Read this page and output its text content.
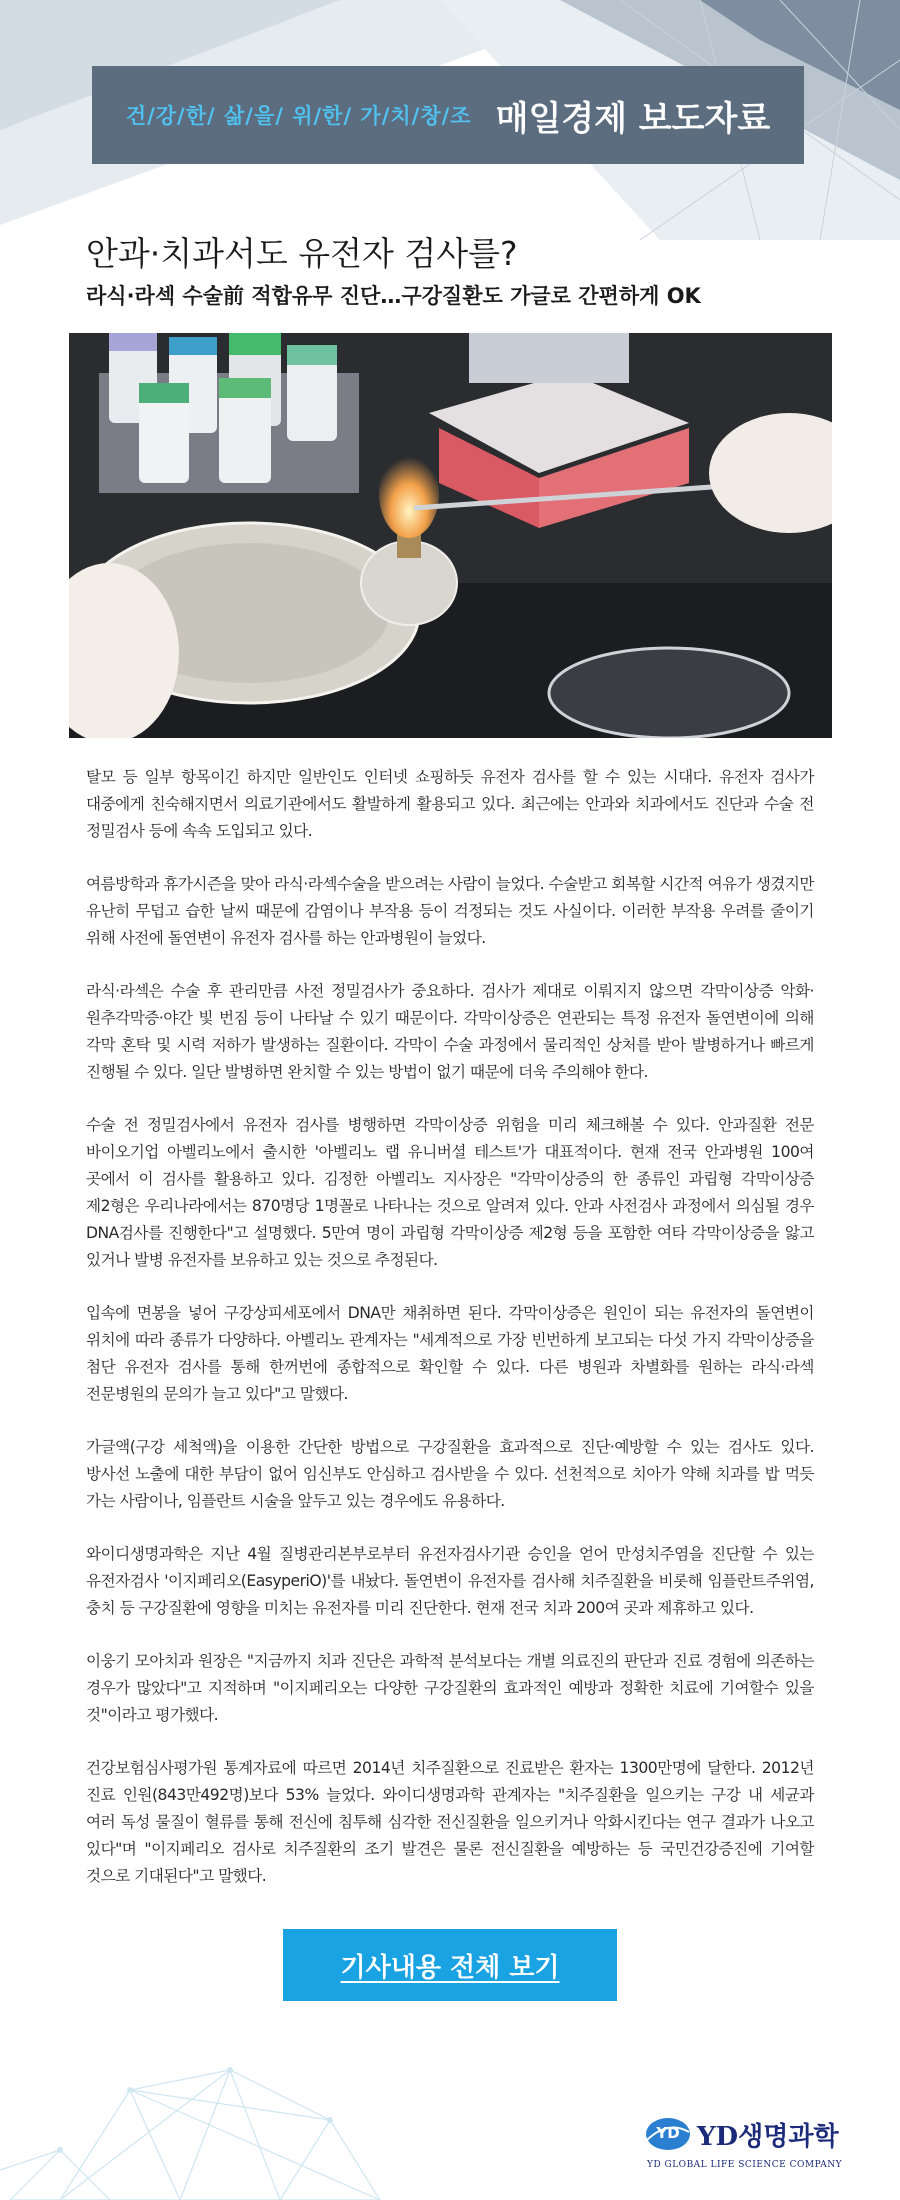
건/강/한/ 삶/을/ 위/한/ 가/치/창/조 매일경제 보도자료
안과·치과서도 유전자 검사를?
라식·라섹 수술前 적합유무 진단…구강질환도 가글로 간편하게 OK

탈모 등 일부 항목이긴 하지만 일반인도 인터넷 쇼핑하듯 유전자 검사를 할 수 있는 시대다. 유전자 검사가 대중에게 친숙해지면서 의료기관에서도 활발하게 활용되고 있다. 최근에는 안과와 치과에서도 진단과 수술 전 정밀검사 등에 속속 도입되고 있다.

여름방학과 휴가시즌을 맞아 라식·라섹수술을 받으려는 사람이 늘었다. 수술받고 회복할 시간적 여유가 생겼지만 유난히 무덥고 습한 날씨 때문에 감염이나 부작용 등이 걱정되는 것도 사실이다. 이러한 부작용 우려를 줄이기 위해 사전에 돌연변이 유전자 검사를 하는 안과병원이 늘었다.

라식·라섹은 수술 후 관리만큼 사전 정밀검사가 중요하다. 검사가 제대로 이뤄지지 않으면 각막이상증 악화·원추각막증·야간 빛 번짐 등이 나타날 수 있기 때문이다. 각막이상증은 연관되는 특정 유전자 돌연변이에 의해 각막 혼탁 및 시력 저하가 발생하는 질환이다. 각막이 수술 과정에서 물리적인 상처를 받아 발병하거나 빠르게 진행될 수 있다. 일단 발병하면 완치할 수 있는 방법이 없기 때문에 더욱 주의해야 한다.

수술 전 정밀검사에서 유전자 검사를 병행하면 각막이상증 위험을 미리 체크해볼 수 있다. 안과질환 전문 바이오기업 아벨리노에서 출시한 '아벨리노 랩 유니버셜 테스트'가 대표적이다. 현재 전국 안과병원 100여 곳에서 이 검사를 활용하고 있다. 김정한 아벨리노 지사장은 "각막이상증의 한 종류인 과립형 각막이상증 제2형은 우리나라에서는 870명당 1명꼴로 나타나는 것으로 알려져 있다. 안과 사전검사 과정에서 의심될 경우 DNA검사를 진행한다"고 설명했다. 5만여 명이 과립형 각막이상증 제2형 등을 포함한 여타 각막이상증을 앓고 있거나 발병 유전자를 보유하고 있는 것으로 추정된다.

입속에 면봉을 넣어 구강상피세포에서 DNA만 채취하면 된다. 각막이상증은 원인이 되는 유전자의 돌연변이 위치에 따라 종류가 다양하다. 아벨리노 관계자는 "세계적으로 가장 빈번하게 보고되는 다섯 가지 각막이상증을 첨단 유전자 검사를 통해 한꺼번에 종합적으로 확인할 수 있다. 다른 병원과 차별화를 원하는 라식·라섹 전문병원의 문의가 늘고 있다"고 말했다.

가글액(구강 세척액)을 이용한 간단한 방법으로 구강질환을 효과적으로 진단·예방할 수 있는 검사도 있다. 방사선 노출에 대한 부담이 없어 임신부도 안심하고 검사받을 수 있다. 선천적으로 치아가 약해 치과를 밥 먹듯 가는 사람이나, 임플란트 시술을 앞두고 있는 경우에도 유용하다.

와이디생명과학은 지난 4월 질병관리본부로부터 유전자검사기관 승인을 얻어 만성치주염을 진단할 수 있는 유전자검사 '이지페리오(EasyperiO)'를 내놨다. 돌연변이 유전자를 검사해 치주질환을 비롯해 임플란트주위염, 충치 등 구강질환에 영향을 미치는 유전자를 미리 진단한다. 현재 전국 치과 200여 곳과 제휴하고 있다.

이웅기 모아치과 원장은 "지금까지 치과 진단은 과학적 분석보다는 개별 의료진의 판단과 진료 경험에 의존하는 경우가 많았다"고 지적하며 "이지페리오는 다양한 구강질환의 효과적인 예방과 정확한 치료에 기여할수 있을 것"이라고 평가했다.

건강보험심사평가원 통계자료에 따르면 2014년 치주질환으로 진료받은 환자는 1300만명에 달한다. 2012년 진료 인원(843만492명)보다 53% 늘었다. 와이디생명과학 관계자는 "치주질환을 일으키는 구강 내 세균과 여러 독성 물질이 혈류를 통해 전신에 침투해 심각한 전신질환을 일으키거나 악화시킨다는 연구 결과가 나오고 있다"며 "이지페리오 검사로 치주질환의 조기 발견은 물론 전신질환을 예방하는 등 국민건강증진에 기여할 것으로 기대된다"고 말했다.

기사내용 전체 보기
YD YD생명과학
YD GLOBAL LIFE SCIENCE COMPANY
